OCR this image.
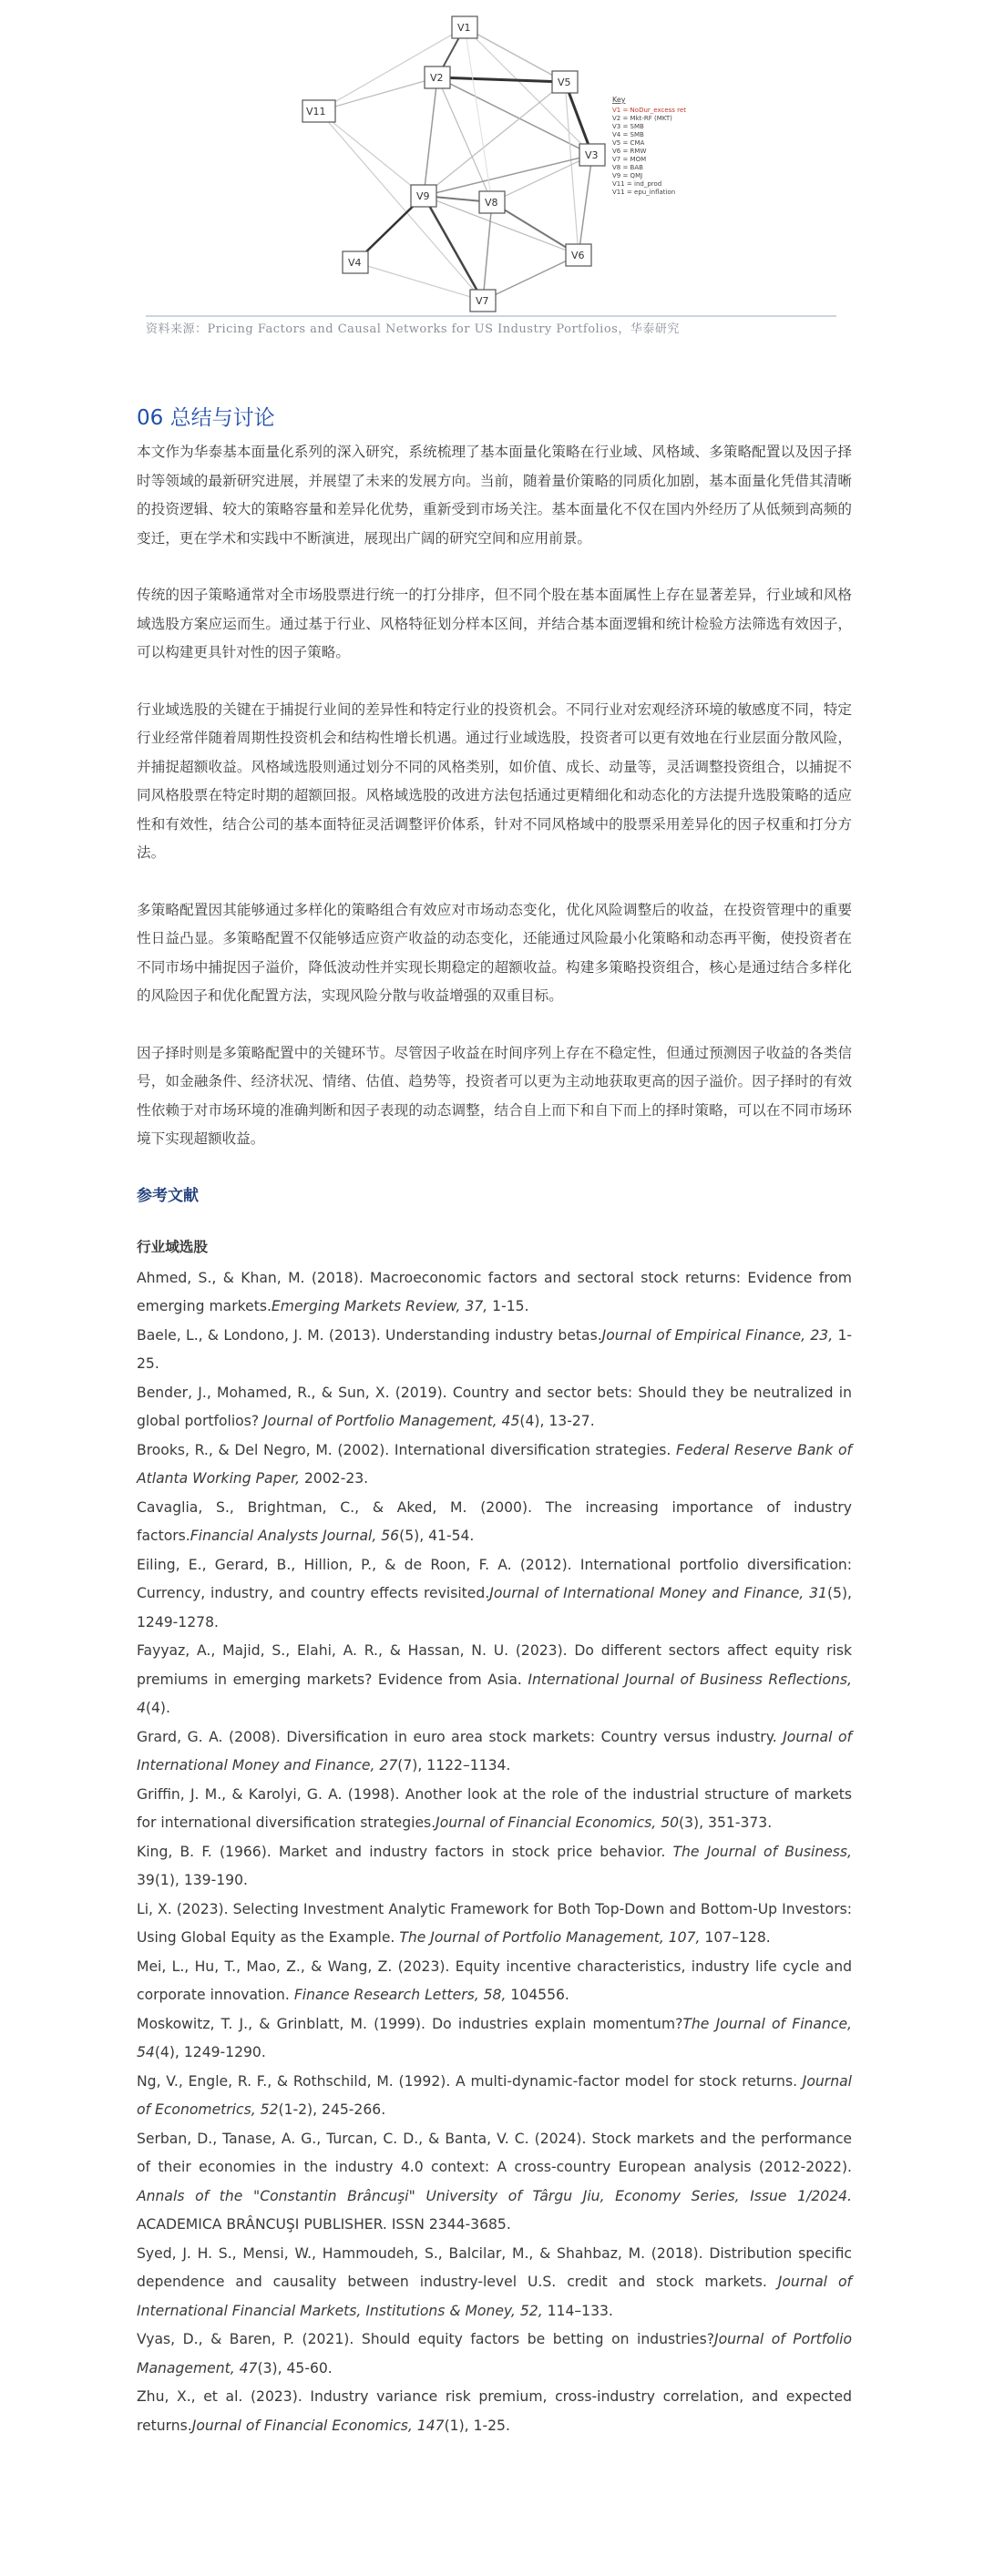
V1
V2	V5
V11
V3
V9
V8
V6
V4
V7
Key
V1 = NoDur_excess ret
V2 = Mkt-RF (MKT)
V3 = SMB
V4 = SMB
V5 = CMA
V6 = RMW
V7 = MOM
V8 = BAB
V9 = QMJ
V11 = ind_prod
V11 = epu_inflation
资料来源：Pricing Factors and Causal Networks for US Industry Portfolios，华泰研究
06 总结与讨论

本文作为华泰基本面量化系列的深入研究，系统梳理了基本面量化策略在行业域、风格域、多策略配置以及因子择时等领域的最新研究进展，并展望了未来的发展方向。当前，随着量价策略的同质化加剧，基本面量化凭借其清晰的投资逻辑、较大的策略容量和差异化优势，重新受到市场关注。基本面量化不仅在国内外经历了从低频到高频的变迁，更在学术和实践中不断演进，展现出广阔的研究空间和应用前景。

传统的因子策略通常对全市场股票进行统一的打分排序，但不同个股在基本面属性上存在显著差异，行业域和风格域选股方案应运而生。通过基于行业、风格特征划分样本区间，并结合基本面逻辑和统计检验方法筛选有效因子，可以构建更具针对性的因子策略。

行业域选股的关键在于捕捉行业间的差异性和特定行业的投资机会。不同行业对宏观经济环境的敏感度不同，特定行业经常伴随着周期性投资机会和结构性增长机遇。通过行业域选股，投资者可以更有效地在行业层面分散风险，并捕捉超额收益。风格域选股则通过划分不同的风格类别，如价值、成长、动量等，灵活调整投资组合，以捕捉不同风格股票在特定时期的超额回报。风格域选股的改进方法包括通过更精细化和动态化的方法提升选股策略的适应性和有效性，结合公司的基本面特征灵活调整评价体系，针对不同风格域中的股票采用差异化的因子权重和打分方法。

多策略配置因其能够通过多样化的策略组合有效应对市场动态变化，优化风险调整后的收益，在投资管理中的重要性日益凸显。多策略配置不仅能够适应资产收益的动态变化，还能通过风险最小化策略和动态再平衡，使投资者在不同市场中捕捉因子溢价，降低波动性并实现长期稳定的超额收益。构建多策略投资组合，核心是通过结合多样化的风险因子和优化配置方法，实现风险分散与收益增强的双重目标。

因子择时则是多策略配置中的关键环节。尽管因子收益在时间序列上存在不稳定性，但通过预测因子收益的各类信号，如金融条件、经济状况、情绪、估值、趋势等，投资者可以更为主动地获取更高的因子溢价。因子择时的有效性依赖于对市场环境的准确判断和因子表现的动态调整，结合自上而下和自下而上的择时策略，可以在不同市场环境下实现超额收益。

参考文献
行业域选股

Ahmed, S., & Khan, M. (2018). Macroeconomic factors and sectoral stock returns: Evidence from emerging markets.Emerging Markets Review, 37, 1-15.

Baele, L., & Londono, J. M. (2013). Understanding industry betas.Journal of Empirical Finance, 23, 1-25.

Bender, J., Mohamed, R., & Sun, X. (2019). Country and sector bets: Should they be neutralized in global portfolios? Journal of Portfolio Management, 45(4), 13-27.

Brooks, R., & Del Negro, M. (2002). International diversification strategies. Federal Reserve Bank of Atlanta Working Paper, 2002-23.

Cavaglia, S., Brightman, C., & Aked, M. (2000). The increasing importance of industry factors.Financial Analysts Journal, 56(5), 41-54.

Eiling, E., Gerard, B., Hillion, P., & de Roon, F. A. (2012). International portfolio diversification: Currency, industry, and country effects revisited.Journal of International Money and Finance, 31(5), 1249-1278.

Fayyaz, A., Majid, S., Elahi, A. R., & Hassan, N. U. (2023). Do different sectors affect equity risk premiums in emerging markets? Evidence from Asia. International Journal of Business Reflections, 4(4).

Grard, G. A. (2008). Diversification in euro area stock markets: Country versus industry. Journal of International Money and Finance, 27(7), 1122–1134.

Griffin, J. M., & Karolyi, G. A. (1998). Another look at the role of the industrial structure of markets for international diversification strategies.Journal of Financial Economics, 50(3), 351-373.

King, B. F. (1966). Market and industry factors in stock price behavior. The Journal of Business, 39(1), 139-190.

Li, X. (2023). Selecting Investment Analytic Framework for Both Top-Down and Bottom-Up Investors: Using Global Equity as the Example. The Journal of Portfolio Management, 107, 107–128.

Mei, L., Hu, T., Mao, Z., & Wang, Z. (2023). Equity incentive characteristics, industry life cycle and corporate innovation. Finance Research Letters, 58, 104556.

Moskowitz, T. J., & Grinblatt, M. (1999). Do industries explain momentum?The Journal of Finance, 54(4), 1249-1290.

Ng, V., Engle, R. F., & Rothschild, M. (1992). A multi-dynamic-factor model for stock returns. Journal of Econometrics, 52(1-2), 245-266.

Serban, D., Tanase, A. G., Turcan, C. D., & Banta, V. C. (2024). Stock markets and the performance of their economies in the industry 4.0 context: A cross-country European analysis (2012-2022). Annals of the "Constantin Brâncuşi" University of Târgu Jiu, Economy Series, Issue 1/2024. ACADEMICA BRÂNCUŞI PUBLISHER. ISSN 2344-3685.

Syed, J. H. S., Mensi, W., Hammoudeh, S., Balcilar, M., & Shahbaz, M. (2018). Distribution specific dependence and causality between industry-level U.S. credit and stock markets. Journal of International Financial Markets, Institutions & Money, 52, 114–133.

Vyas, D., & Baren, P. (2021). Should equity factors be betting on industries?Journal of Portfolio Management, 47(3), 45-60.

Zhu, X., et al. (2023). Industry variance risk premium, cross-industry correlation, and expected returns.Journal of Financial Economics, 147(1), 1-25.
